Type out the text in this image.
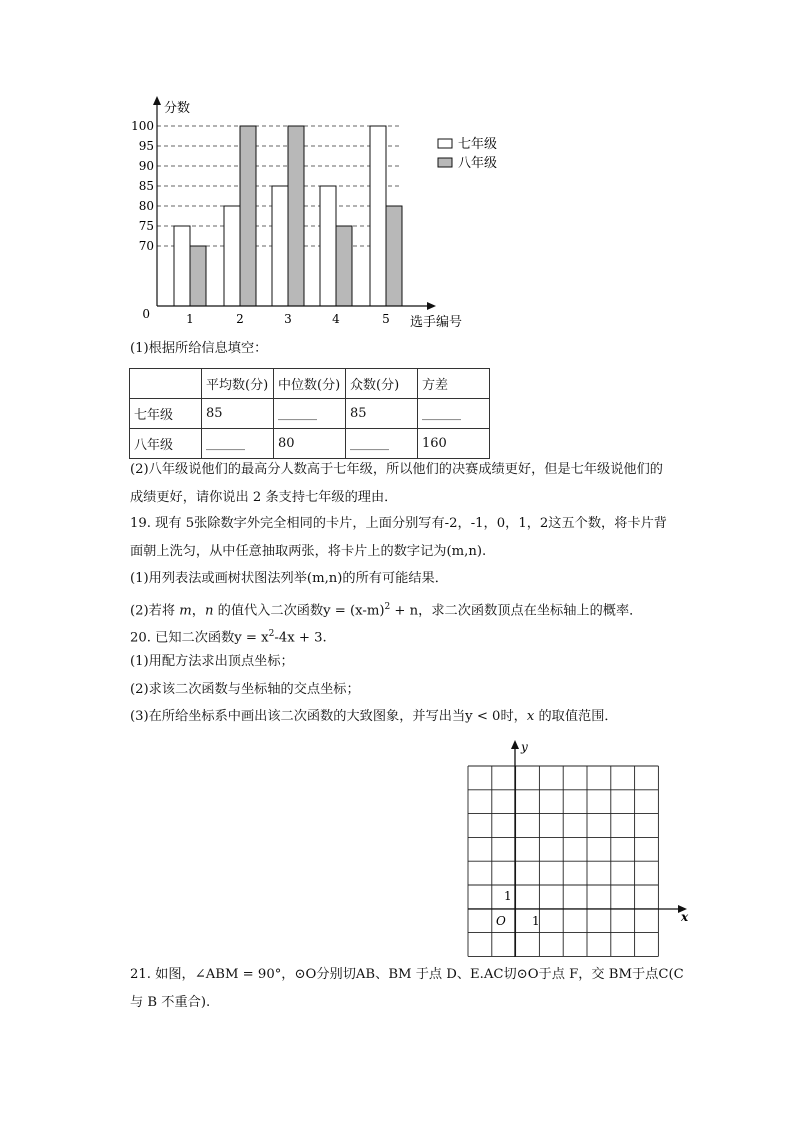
分数
选手编号
0
70
75
80
85
90
95
100
1	2	3	4	5
七年级
八年级
(1)根据所给信息填空：
	平均数(分)	中位数(分)	众数(分)	方差
七年级	85	______	85	______
八年级	______	80	______	160
(2)八年级说他们的最高分人数高于七年级，所以他们的决赛成绩更好，但是七年级说他们的
成绩更好，请你说出 2 条支持七年级的理由．
19. 现有 5张除数字外完全相同的卡片，上面分别写有-2，-1，0，1，2这五个数，将卡片背
面朝上洗匀，从中任意抽取两张，将卡片上的数字记为(m,n).
(1)用列表法或画树状图法列举(m,n)的所有可能结果．
(2)若将 m，n 的值代入二次函数$y = (x-m)^2 + n$，求二次函数顶点在坐标轴上的概率．
20. 已知二次函数$y = x^2-4x + 3$.
(1)用配方法求出顶点坐标；
(2)求该二次函数与坐标轴的交点坐标；
(3)在所给坐标系中画出该二次函数的大致图象，并写出当y < 0时，x 的取值范围．
y
x
O 1
1
21. 如图，∠ABM = 90°，⊙O分别切AB、BM 于点 D、E.AC切⊙O于点 F，交 BM于点C(C
与 B 不重合).
